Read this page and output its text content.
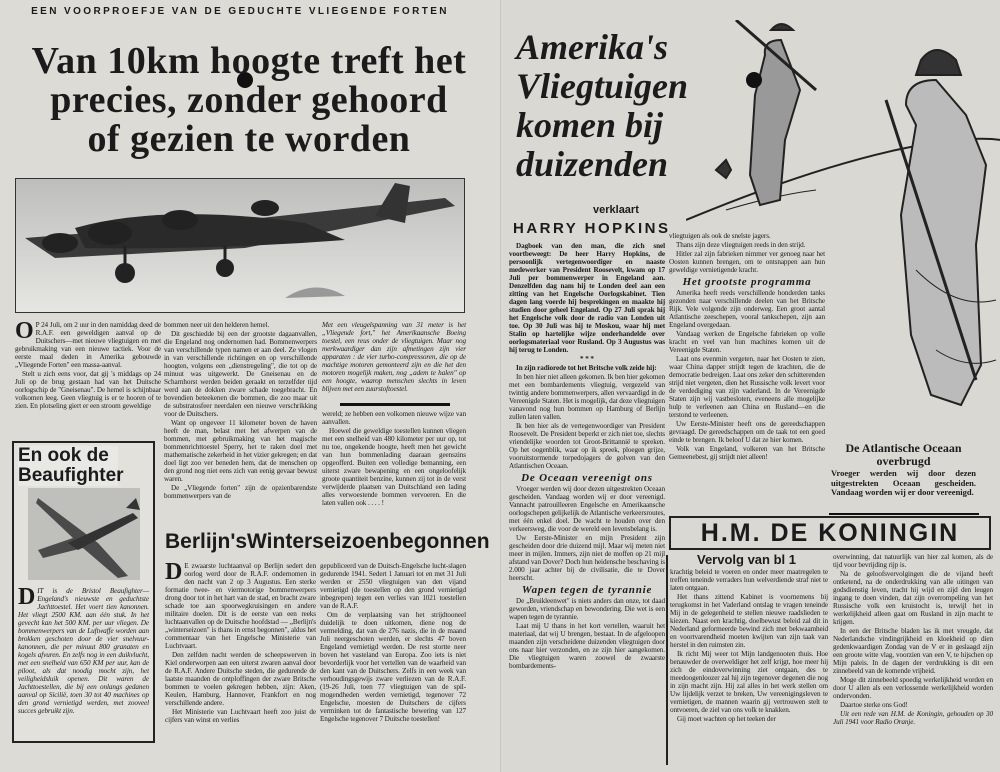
EEN VOORPROEFJE VAN DE GEDUCHTE VLIEGENDE FORTEN
Van 10km hoogte treft het
precies, zonder gehoord
of gezien te worden

O P 24 Juli, om 2 uur in den namiddag deed de R.A.F. een geweldigen aanval op de Duitschers—met nieuwe vliegtuigen en met gebruikmaking van een nieuwe tactiek. Voor de eerste maal deden in Amerika gebouwde „Vliegende Forten" een massa-aanval.

Stelt u zich eens voor, dat gij 's middags op 24 Juli op de brug gestaan had van het Duitsche oorlogschip de "Gneisenau". De hemel is schijnbaar volkomen leeg. Geen vliegtuig is er te hooren of te zien. En plotseling giert er een stroom geweldige

bommen neer uit den helderen hemel.

Dit geschiedde bij een der grootste dagaanvallen, die Engeland nog ondernomen had. Bommenwerpers van verschillende typen namen er aan deel. Ze vlogen in van verschillende richtingen en op verschillende hoogten, volgens een „dienstregeling", die tot op de minuut was uitgewerkt. De Gneisenau en de Scharnhorst werden beiden geraakt en terzelfder tijd werd aan de dokken zware schade toegebracht. En bovendien beteekenen die bommen, die zoo maar uit de substratosfeer neerdalen een nieuwe verschrikking voor de Duitschers.

Want op ongeveer 11 kilometer boven de haven heeft de man, belast met het afwerpen van de bommen, met gebruikmaking van het magische bommenrichttoestel Sperry, het te raken doel met mathematische zekerheid in het vizier gekregen; en dat doel ligt zoo ver beneden hem, dat de menschen op den grond nog niet eens zich van eenig gevaar bewust waren.

De „Vliegende forten" zijn de opzienbarendste bommenwerpers van de

Met een vleugelspanning van 31 meter is het „Vliegende fort," het Amerikaansche Boeing toestel, een reus onder de vliegtuigen. Maar nog merkwaardiger dan zijn afmetingen zijn vier apparaten : de vier turbo-compressoren, die op de machtige motoren gemonteerd zijn en die het den motoren mogelijk maken, nog „adem te halen" op een hoogte, waarop menschen slechts in leven blijven met een zuurstoftoestel.

wereld; ze hebben een volkomen nieuwe wijze van aanvallen.

Hoewel die geweldige toestellen kunnen vliegen met een snelheid van 480 kilometer per uur op, tot nu toe, ongekende hoogte, heeft men het gewicht van hun bommenlading daaraan geenszins opgeofferd. Buiten een volledige bemanning, een uiterst zware bewapening en een ongeloofelijk groote quantiteit benzine, kunnen zij tot in de verst verwijderde plaatsen van Duitschland een lading alles verwoestende bommen vervoeren. En die laten vallen ook . . . . !

En ook de Beaufighter

DIT is de Bristol Beaufighter—Engeland's nieuwste en geduchtste Jachttoestel. Het voert tien kanonnen. Het vliegt 2500 KM. aan één stuk. In het gevecht kan het 500 KM. per uur vliegen. De bommenwerpers van de Luftwaffe worden aan brokken geschoten door de vier snelvuur-kanonnen, die per minuut 800 granaten en kogels afvuren. En zelfs nog in een duikvlucht, met een snelheid van 650 KM per uur, kan de piloot, als dat noodig mocht zijn, het veiligheidsluik openen. Dit waren de Jachttoestellen, die bij een onlangs gedanen aanval op Sicilië, toen 30 tot 40 machines op den grond vernietigd werden, met zooveel succes gebruikt zijn.

Berlijn's Winterseizoen begonnen

D E zwaarste luchtaanval op Berlijn sedert den oorlog werd door de R.A.F. ondernomen in den nacht van 2 op 3 Augustus. Een sterke formatie twee- en viermotorige bommenwerpers drong door tot in het hart van de stad, en bracht zware schade toe aan spoorwegkruisingen en andere militaire doelen. Dit is de eerste van een reeks luchtaanvallen op de Duitsche hoofdstad — „Berlijn's „winterseizoen" is thans in ernst begonnen", aldus het commentaar van het Engelsche Ministerie van Luchtvaart.

Den zelfden nacht werden de scheepswerven in Kiel onderworpen aan een uiterst zwaren aanval door de R.A.F. Andere Duitsche steden, die gedurende de laatste maanden de ontploffingen der zware Britsche bommen te voelen gekregen hebben, zijn: Aken, Keulen, Hamburg, Hannover, Frankfort en nog verschillende andere.

Het Ministerie van Luchtvaart heeft zoo juist de cijfers van winst en verlies

gepubliceerd van de Duitsch-Engelsche lucht-slagen gedurende 1941. Sedert 1 Januari tot en met 31 Juli werden er 2550 vliegtuigen van den vijand vernietigd (de toestellen op den grond vernietigd inbegrepen) tegen een verlies van 1021 toestellen van de R.A.F.

Om de verplaatsing van het strijdtooneel duidelijk te doen uitkomen, diene nog de vermelding, dat van de 276 nazis, die in de maand Juli neergeschoten werden, er slechts 47 boven Engeland vernietigd werden. De rest stortte neer boven het vasteland van Europa. Zoo iets is niet bevorderlijk voor het vertellen van de waarheid van den kant van de Duitschers. Zelfs in een week van verhoudingsgewijs zware verliezen van de R.A.F. (19-26 Juli, toen 77 vliegtuigen van de spil-mogendheden werden vernietigd, tegenover 72 Engelsche, moesten de Duitschers de cijfers verminken tot de fantastische bewering van 127 Engelsche tegenover 7 Duitsche toestellen!

Amerika's
Vliegtuigen
komen bij
duizenden
verklaart
HARRY HOPKINS

Dagboek van den man, die zich snel voortbeweegt: De heer Harry Hopkins, de persoonlijk vertegenwoordiger en naaste medewerker van President Roosevelt, kwam op 17 Juli per bommenwerper in Engeland aan. Denzelfden dag nam hij te Londen deel aan een zitting van het Engelsche Oorlogskabinet. Tien dagen lang voerde hij besprekingen en maakte hij studien door geheel Engeland. Op 27 Juli sprak hij het Engelsche volk door de radio van Londen uit toe. Op 30 Juli was hij te Moskou, waar hij met Stalin op hartelijke wijze onderhandelde over oorlogsmateriaal voor Rusland. Op 3 Augustus was hij terug te Londen.

* * *

In zijn radiorede tot het Britsche volk zeide hij:

In ben hier niet alleen gekomen. Ik ben hier gekomen met een bombardements vliegtuig, vergezeld van twintig andere bommenwerpers, allen vervaardigd in de Vereenigde Staten. Het is mogelijk, dat deze vliegtuigen vanavond nog hun bommen op Hamburg of Berlijn zullen laten vallen.

Ik ben hier als de vertegenwoordiger van President Roosevelt. De President beperkt er zich niet toe, slechts vriendelijke woorden tot Groot-Brittannië te spreken. Op het oogenblik, waar op ik spreek, ploegen grijze, vooruitstormende torpedojagers de golven van den Atlantischen Oceaan.

De Oceaan vereenigt ons

Vroeger werden wij door dezen uitgestrekten Oceaan gescheiden. Vandaag worden wij er door vereenigd. Vannacht patrouilleeren Engelsche en Amerikaansche oorlogschepen gelijkelijk de Atlantische verkeersroutes, met één enkel doel. De wacht te houden over den verkeersweg, die voor de wereld een levensbelang is.

Uw Eerste-Minister en mijn President zijn gescheiden door drie duizend mijl. Maar wij meten niet meer in mijlen. Immers, zijn niet de moffen op 21 mijl afstand van Dover? Doch hun heidensche beschaving is 2.000 jaar achter bij de civilisatie, die te Dover heerscht.

Wapen tegen de tyrannie

De „Bruikleenwet" is niets anders dan onze, tot daad geworden, vriendschap en bewondering. Die wet is een wapen tegen de tyrannie.

Laat mij U thans in het kort vertellen, waaruit het materiaal, dat wij U brengen, bestaat. In de afgeloopen maanden zijn verscheidene duizenden vliegtuigen door ons naar hier verzonden, en ze zijn hier aangekomen. Die vliegtuigen waren zoowel de zwaarste bombardements-

vliegtuigen als ook de snelste jagers.

Thans zijn deze vliegtuigen reeds in den strijd.

Hitler zal zijn fabrieken nimmer ver genoeg naar het Oosten kunnen brengen, om te ontsnappen aan hun geweldige vernietigende kracht.

Het grootste programma

Amerika heeft reeds verschillende honderden tanks gezonden naar verschillende deelen van het Britsche Rijk. Vele volgende zijn onderweg. Een groot aantal Atlantische zeeschepen, vooral tankschepen, zijn aan Engeland overgedaan.

Vandaag werken de Engelsche fabrieken op volle kracht en veel van hun machines komen uit de Vereenigde Staten.

Laat ons evenmin vergeten, naar het Oosten te zien, waar China dapper strijdt tegen de krachten, die de democratie bedreigen. Laat ons zeker den schitterenden strijd niet vergeten, dien het Russische volk levert voor de verdediging van zijn vaderland. In de Vereenigde Staten zijn wij vastbesloten, eveneens alle mogelijke hulp te verleenen aan China en Rusland—en die terstond te verleenen.

Uw Eerste-Minister heeft ons de gereedschappen gevraagd. De gereedschappen om de taak tot een goed einde te brengen. Ik beloof U dat ze hier komen.

Volk van Engeland, volkeren van het Britsche Gemeenebest, gij strijdt niet alleen!

De Atlantische Oceaan overbrugd
Vroeger werden wij door dezen uitgestrekten Oceaan gescheiden. Vandaag worden wij er door vereenigd.
H.M. DE KONINGIN
Vervolg van bl 1

krachtig beleid te voeren en onder meer maatregelen te treffen teneinde verraders hun welverdiende straf niet te laten ontgaan.

Het thans zittend Kabinet is voornemens bij terugkomst in het Vaderland ontslag te vragen teneinde Mij in de gelegenheid te stellen nieuwe raadslieden te kiezen. Naast een krachtig, doelbewust beleid zal dit in Nederland geformeerde bewind zich met bekwaamheid en voortvarendheid moeten kwijten van zijn taak van herstel in den ruimsten zin.

Ik richt Mij weer tot Mijn landgenooten thuis. Hoe benauwder de overweldiger het zelf krijgt, hoe meer hij zich de eindoverwinning ziet ontgaan, des te meedoogenloozer zal hij zijn tegenover degenen die nog in zijn macht zijn. Hij zal alles in het werk stellen om Uw lijdelijk verzet te breken, Uw vereenigingsleven te vernietigen, de mannen waarin gij vertrouwen stelt te ontvoeren, de ziel van ons volk te knakken.

Gij moet wachten op het teeken der

overwinning, dat natuurlijk van hier zal komen, als de tijd voor bevrijding rijp is.

Na de geloofsvervolgingen die de vijand heeft ontketend, na de onderdrukking van alle uitingen van godsdienstig leven, tracht hij wijd en zijd den leugen ingang te doen vinden, dat zijn overrompeling van het Russische volk een kruistocht is, terwijl het in werkelijkheid alleen gaat om Rusland in zijn macht te krijgen.

In een der Britsche bladen las ik met vreugde, dat Nederlandsche vindingrijkheid en kloekheid op dien gedenkwaardigen Zondag van de V er in geslaagd zijn een groote witte vlag, voorzien van een V, te hijschen op Mijn paleis. In de dagen der verdrukking is dit een zinnebeeld van de komende vrijheid.

Moge dit zinnebeeld spoedig werkelijkheid worden en door U allen als een verlossende werkelijkheid worden ondervonden.

Daartoe sterke ons God!

Uit een rede van H.M. de Koningin, gehouden op 30 Juli 1941 voor Radio Oranje.
